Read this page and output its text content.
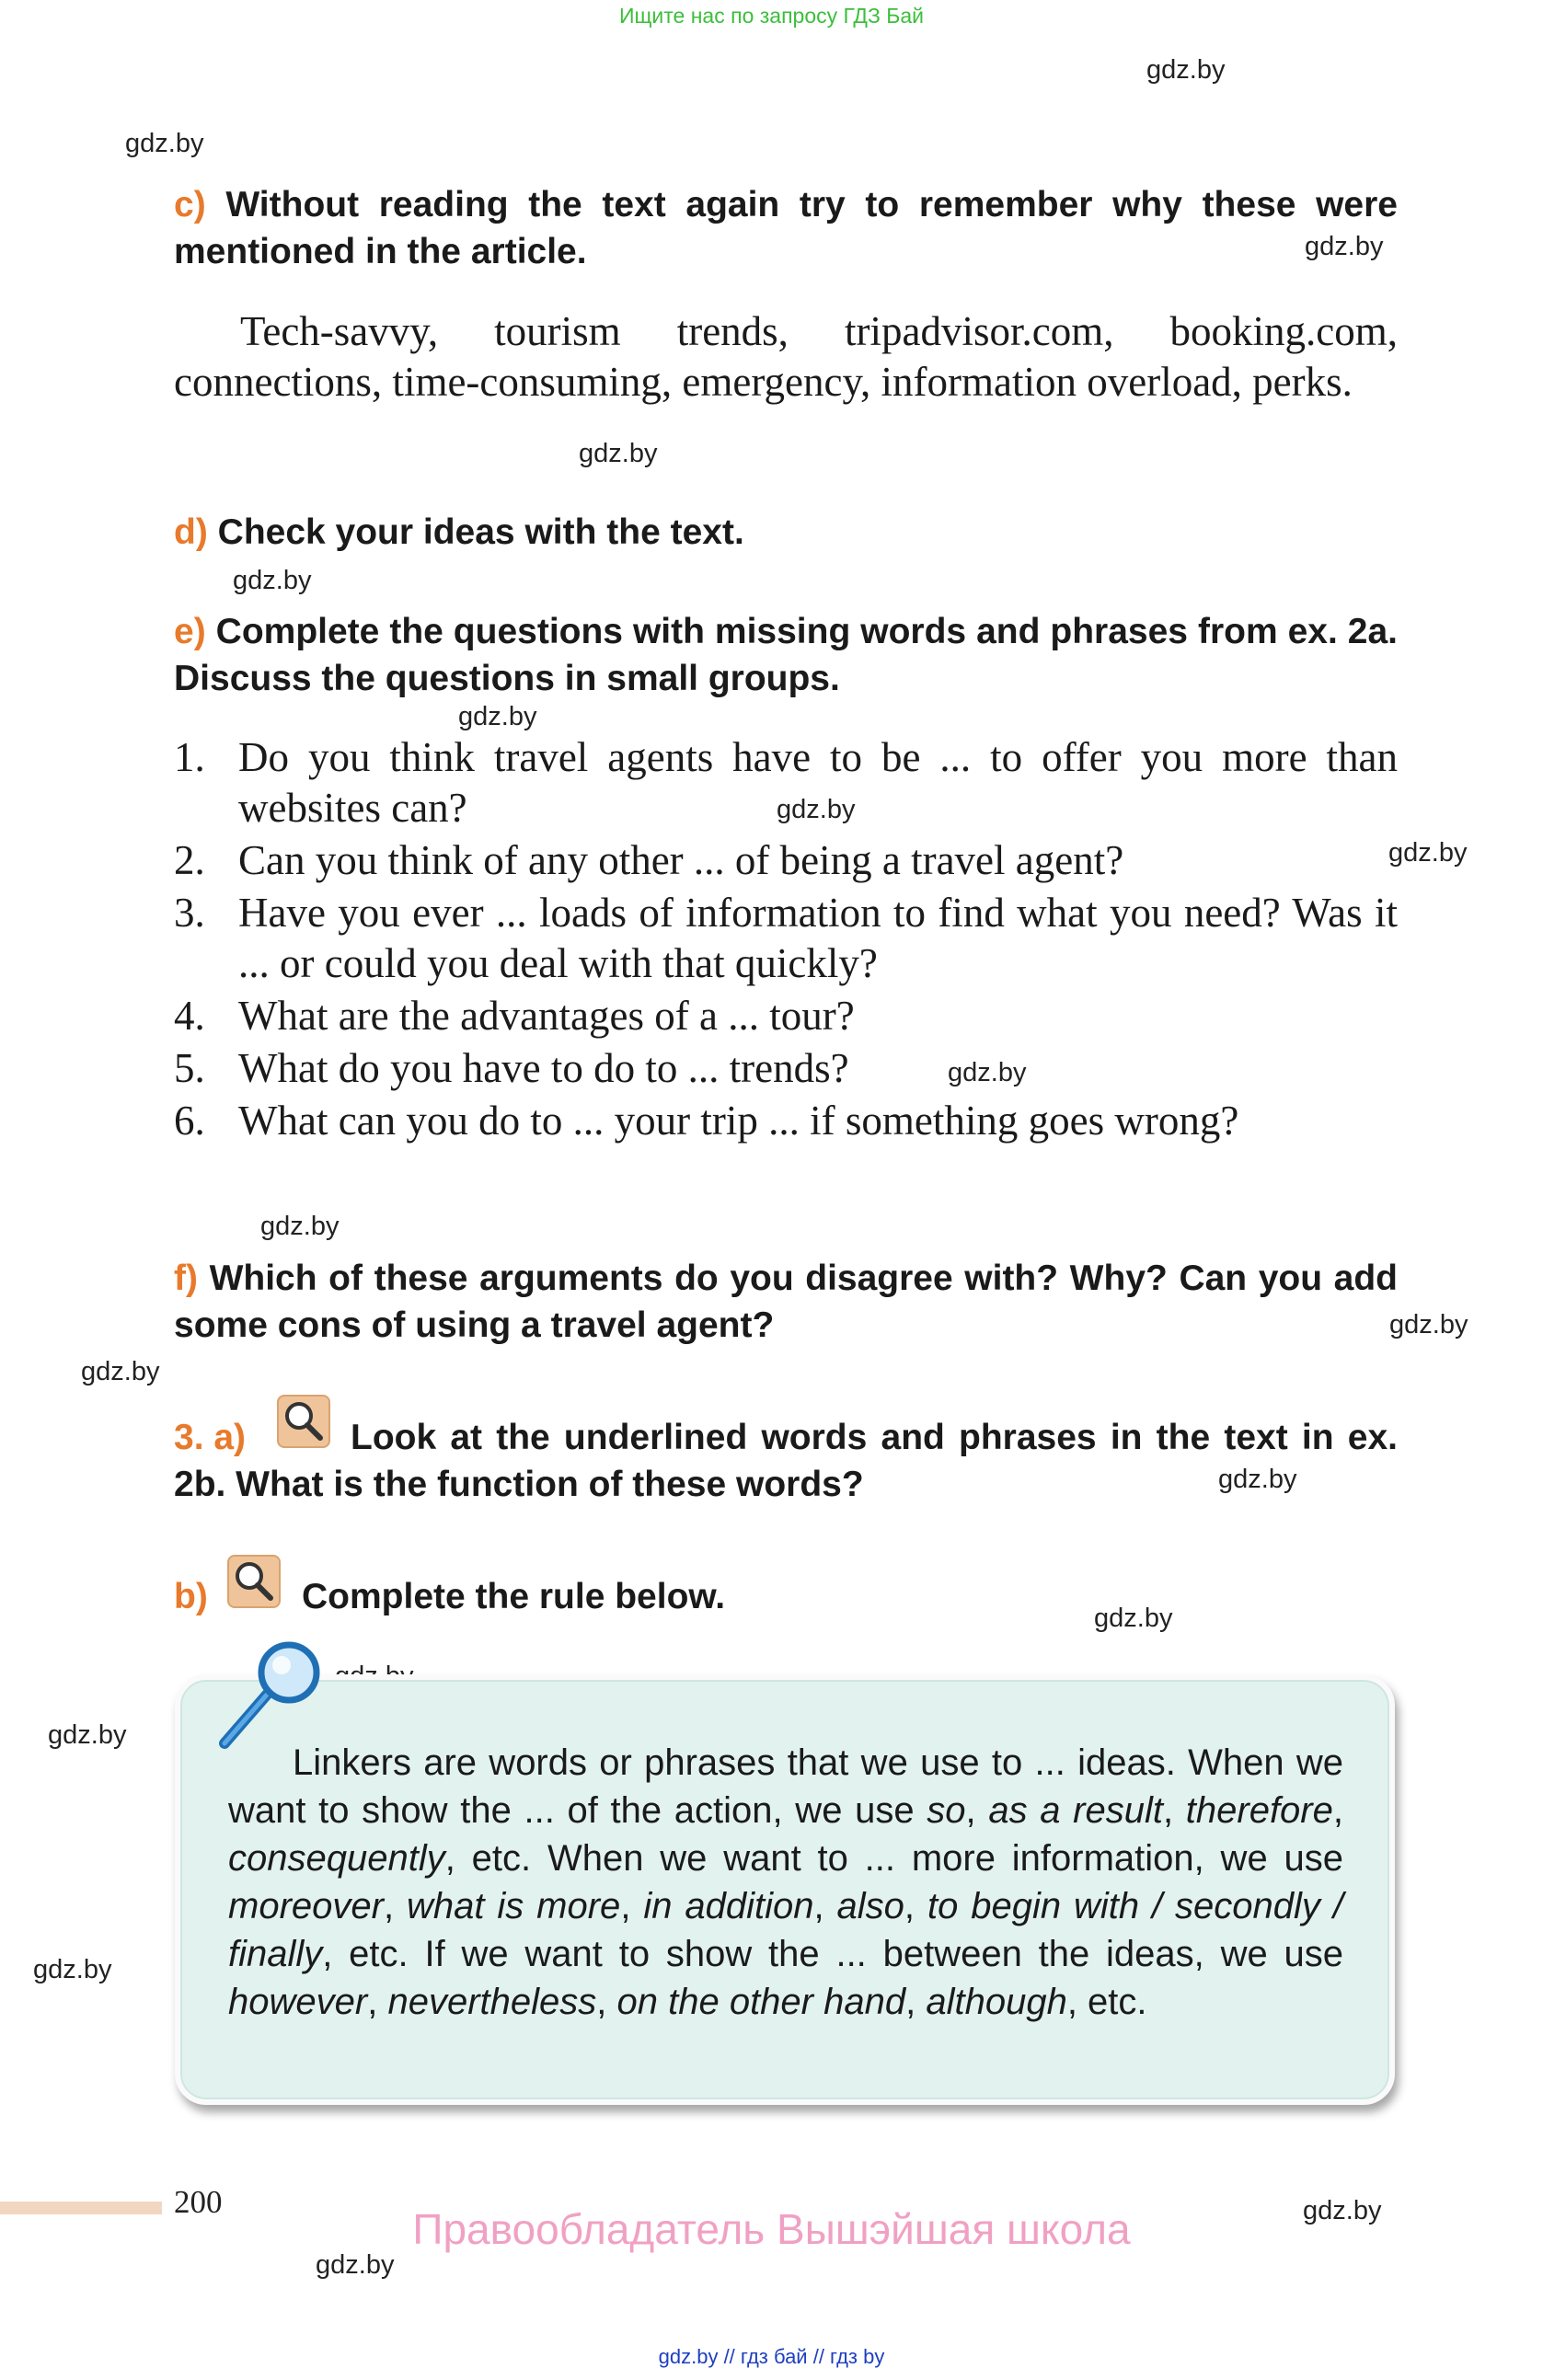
Ищите нас по запросу ГДЗ Бай
gdz.by
gdz.by
gdz.by
gdz.by
gdz.by
gdz.by
gdz.by
gdz.by
gdz.by
gdz.by
gdz.by
gdz.by
gdz.by
gdz.by
gdz.by
gdz.by
gdz.by
gdz.by
c) Without reading the text again try to remember why these were mentioned in the article.
Tech-savvy, tourism trends, tripadvisor.com, booking.com, connections, time-consuming, emergency, information overload, perks.
d) Check your ideas with the text.
e) Complete the questions with missing words and phrases from ex. 2a. Discuss the questions in small groups.
1. Do you think travel agents have to be ... to offer you more than websites can?
2. Can you think of any other ... of being a travel agent?
3. Have you ever ... loads of information to find what you need? Was it ... or could you deal with that quickly?
4. What are the advantages of a ... tour?
5. What do you have to do to ... trends?
6. What can you do to ... your trip ... if something goes wrong?
f) Which of these arguments do you disagree with? Why? Can you add some cons of using a travel agent?
3. a)	Look at the underlined words and phrases in the text in ex. 2b. What is the function of these words?
b)	Complete the rule below.
Linkers are words or phrases that we use to ... ideas. When we want to show the ... of the action, we use so, as a result, therefore, consequently, etc. When we want to ... more information, we use moreover, what is more, in addition, also, to begin with / secondly / finally, etc. If we want to show the ... between the ideas, we use however, nevertheless, on the other hand, although, etc.
200
Правообладатель Вышэйшая школа
gdz.by // гдз бай // гдз by
